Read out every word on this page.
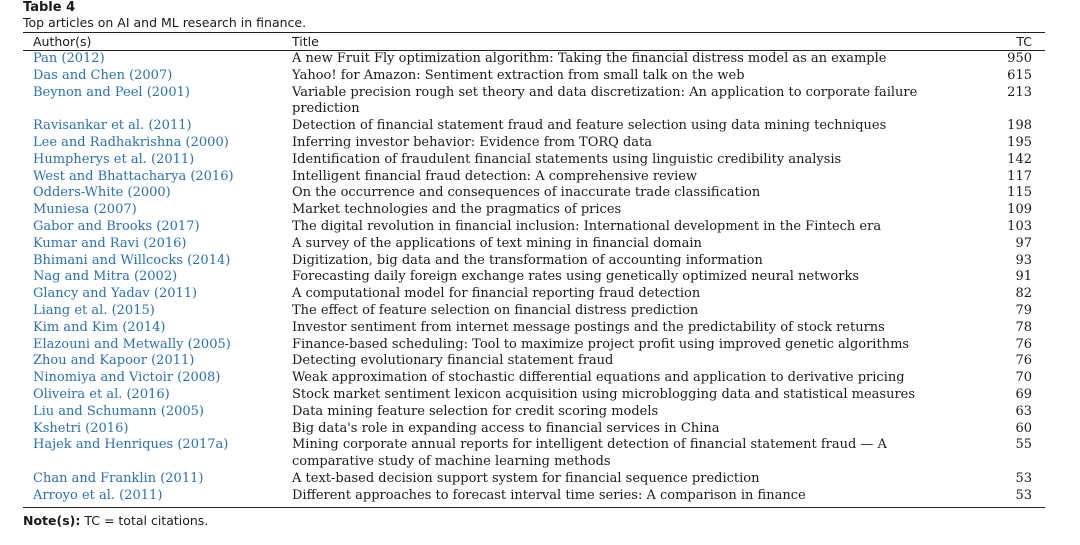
Table 4
Top articles on AI and ML research in finance.
Author(s)	Title	TC
Pan (2012)	A new Fruit Fly optimization algorithm: Taking the financial distress model as an example	950
Das and Chen (2007)	Yahoo! for Amazon: Sentiment extraction from small talk on the web	615
Beynon and Peel (2001)	Variable precision rough set theory and data discretization: An application to corporate failure prediction	213
Ravisankar et al. (2011)	Detection of financial statement fraud and feature selection using data mining techniques	198
Lee and Radhakrishna (2000)	Inferring investor behavior: Evidence from TORQ data	195
Humpherys et al. (2011)	Identification of fraudulent financial statements using linguistic credibility analysis	142
West and Bhattacharya (2016)	Intelligent financial fraud detection: A comprehensive review	117
Odders-White (2000)	On the occurrence and consequences of inaccurate trade classification	115
Muniesa (2007)	Market technologies and the pragmatics of prices	109
Gabor and Brooks (2017)	The digital revolution in financial inclusion: International development in the Fintech era	103
Kumar and Ravi (2016)	A survey of the applications of text mining in financial domain	97
Bhimani and Willcocks (2014)	Digitization, big data and the transformation of accounting information	93
Nag and Mitra (2002)	Forecasting daily foreign exchange rates using genetically optimized neural networks	91
Glancy and Yadav (2011)	A computational model for financial reporting fraud detection	82
Liang et al. (2015)	The effect of feature selection on financial distress prediction	79
Kim and Kim (2014)	Investor sentiment from internet message postings and the predictability of stock returns	78
Elazouni and Metwally (2005)	Finance-based scheduling: Tool to maximize project profit using improved genetic algorithms	76
Zhou and Kapoor (2011)	Detecting evolutionary financial statement fraud	76
Ninomiya and Victoir (2008)	Weak approximation of stochastic differential equations and application to derivative pricing	70
Oliveira et al. (2016)	Stock market sentiment lexicon acquisition using microblogging data and statistical measures	69
Liu and Schumann (2005)	Data mining feature selection for credit scoring models	63
Kshetri (2016)	Big data's role in expanding access to financial services in China	60
Hajek and Henriques (2017a)	Mining corporate annual reports for intelligent detection of financial statement fraud — A comparative study of machine learning methods	55
Chan and Franklin (2011)	A text-based decision support system for financial sequence prediction	53
Arroyo et al. (2011)	Different approaches to forecast interval time series: A comparison in finance	53
Note(s): TC = total citations.
